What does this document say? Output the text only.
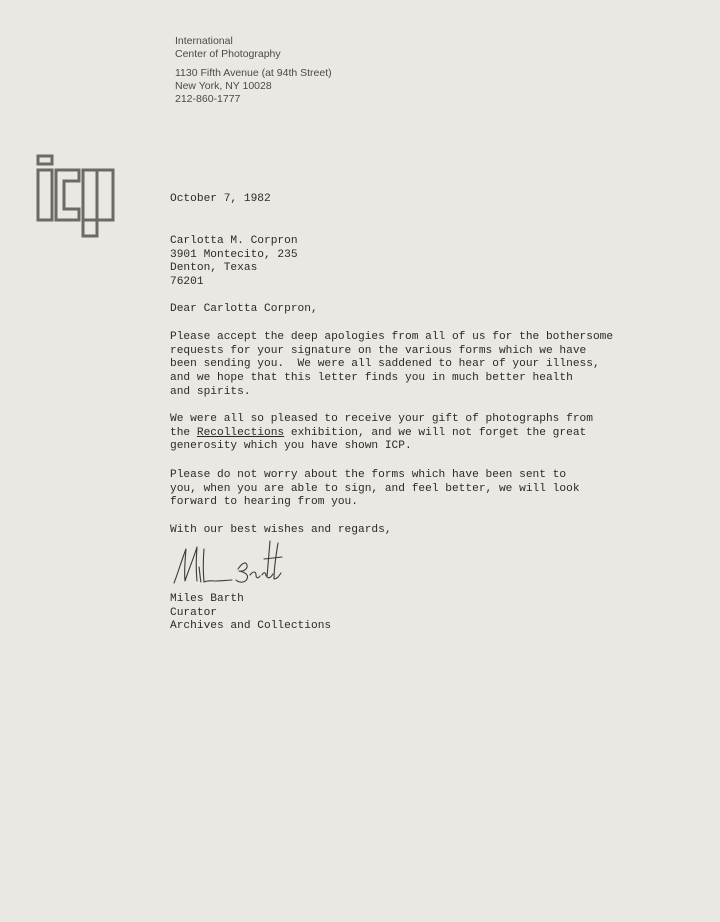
International
Center of Photography
1130 Fifth Avenue (at 94th Street)
New York, NY 10028
212-860-1777
October 7, 1982
Carlotta M. Corpron
3901 Montecito, 235
Denton, Texas
76201
Dear Carlotta Corpron,
Please accept the deep apologies from all of us for the bothersome
requests for your signature on the various forms which we have
been sending you.  We were all saddened to hear of your illness,
and we hope that this letter finds you in much better health
and spirits.
We were all so pleased to receive your gift of photographs from
the Recollections exhibition, and we will not forget the great
generosity which you have shown ICP.
Please do not worry about the forms which have been sent to
you, when you are able to sign, and feel better, we will look
forward to hearing from you.
With our best wishes and regards,
Miles Barth
Curator
Archives and Collections
